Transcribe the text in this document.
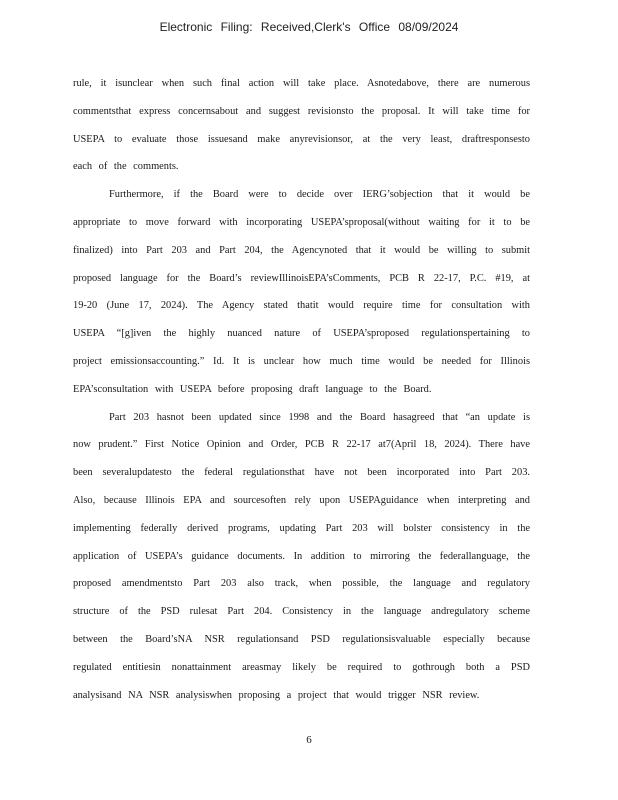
Electronic Filing: Received,Clerk's Office 08/09/2024
rule, it isunclear when such final action will take place. Asnotedabove, there are numerous
commentsthat express concernsabout and suggest revisionsto the proposal. It will take time for
USEPA to evaluate those issuesand make anyrevisionsor, at the very least, draftresponsesto
each of the comments.
Furthermore, if the Board were to decide over IERG’sobjection that it would be
appropriate to move forward with incorporating USEPA’sproposal(without waiting for it to be
finalized) into Part 203 and Part 204, the Agencynoted that it would be willing to submit
proposed language for the Board’s reviewIllinoisEPA’sComments, PCB R 22-17, P.C. #19, at
19-20 (June 17, 2024). The Agency stated thatit would require time for consultation with
USEPA “[g]iven the highly nuanced nature of USEPA’sproposed regulationspertaining to
project emissionsaccounting.” Id. It is unclear how much time would be needed for Illinois
EPA’sconsultation with USEPA before proposing draft language to the Board.
Part 203 hasnot been updated since 1998 and the Board hasagreed that “an update is
now prudent.” First Notice Opinion and Order, PCB R 22-17 at7(April 18, 2024). There have
been severalupdatesto the federal regulationsthat have not been incorporated into Part 203.
Also, because Illinois EPA and sourcesoften rely upon USEPAguidance when interpreting and
implementing federally derived programs, updating Part 203 will bolster consistency in the
application of USEPA’s guidance documents. In addition to mirroring the federallanguage, the
proposed amendmentsto Part 203 also track, when possible, the language and regulatory
structure of the PSD rulesat Part 204. Consistency in the language andregulatory scheme
between the Board’sNA NSR regulationsand PSD regulationsisvaluable especially because
regulated entitiesin nonattainment areasmay likely be required to gothrough both a PSD
analysisand NA NSR analysiswhen proposing a project that would trigger NSR review.
6
